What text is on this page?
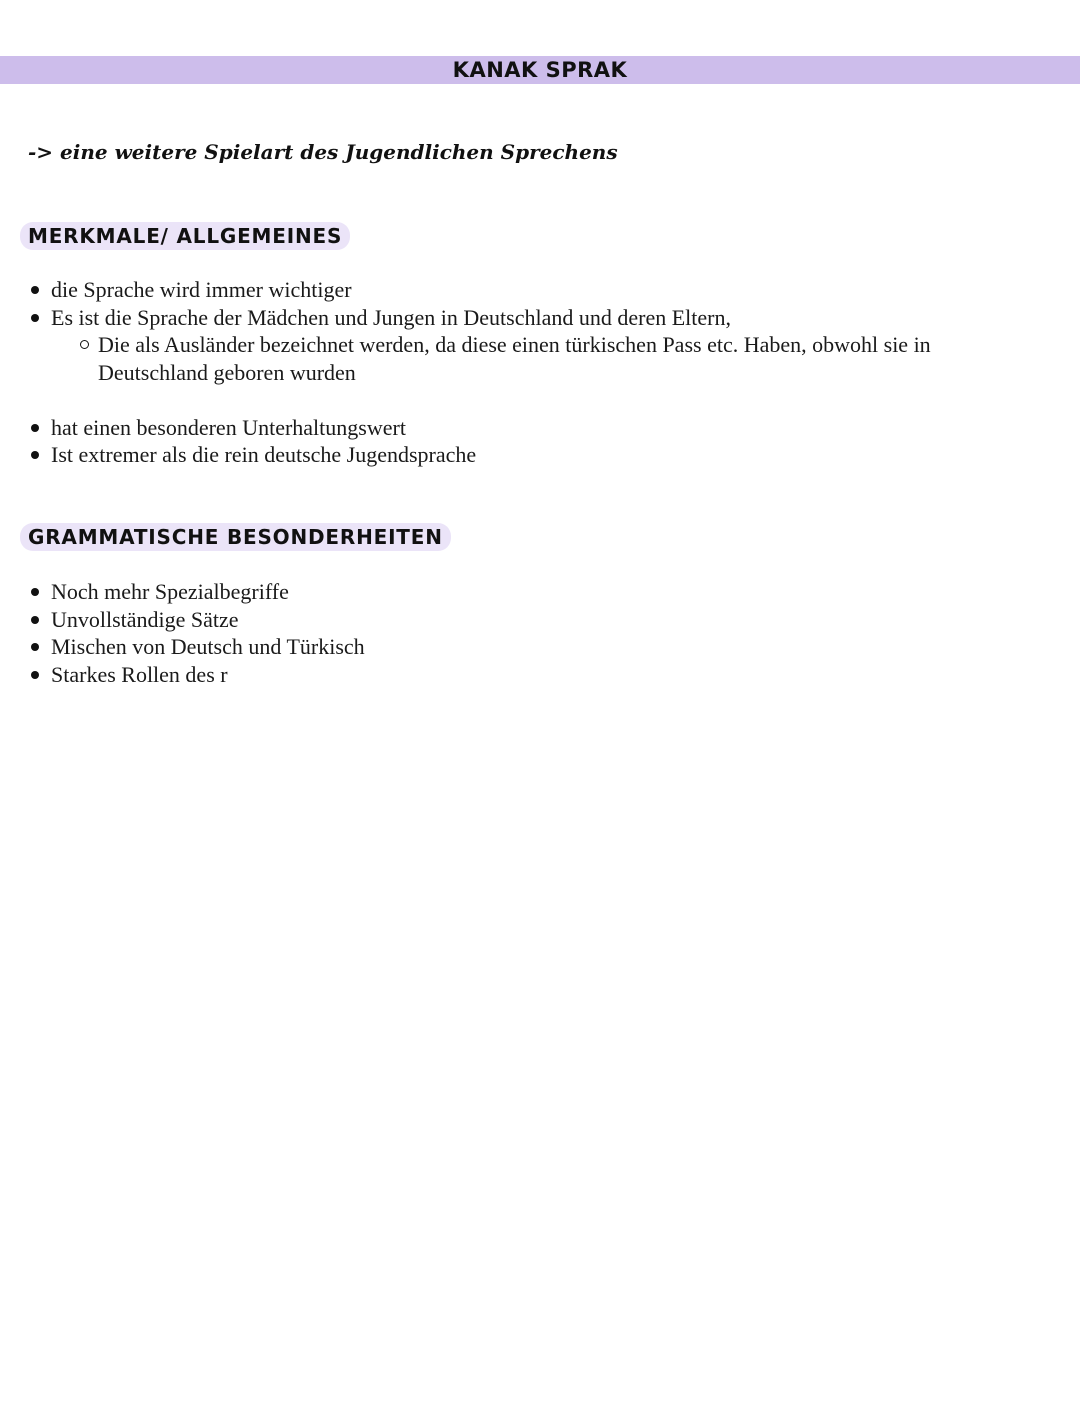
KANAK SPRAK
-> eine weitere Spielart des Jugendlichen Sprechens
MERKMALE/ ALLGEMEINES
die Sprache wird immer wichtiger
Es ist die Sprache der Mädchen und Jungen in Deutschland und deren Eltern,
Die als Ausländer bezeichnet werden, da diese einen türkischen Pass etc. Haben, obwohl sie in Deutschland geboren wurden
hat einen besonderen Unterhaltungswert
Ist extremer als die rein deutsche Jugendsprache
GRAMMATISCHE BESONDERHEITEN
Noch mehr Spezialbegriffe
Unvollständige Sätze
Mischen von Deutsch und Türkisch
Starkes Rollen des r
